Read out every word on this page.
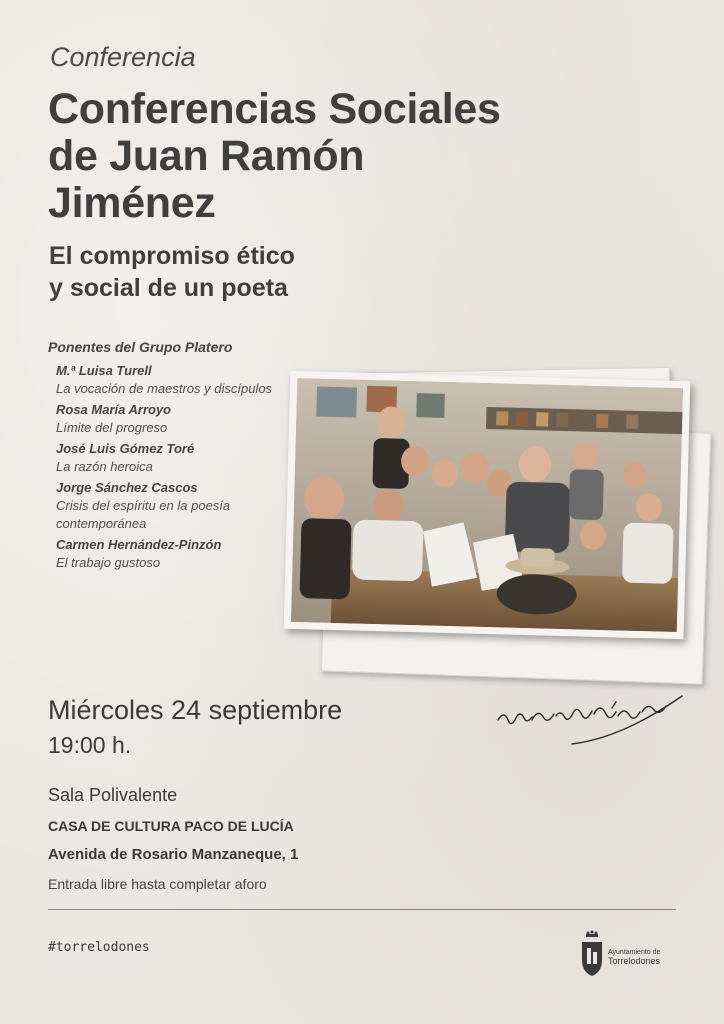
Conferencia
Conferencias Sociales de Juan Ramón Jiménez
El compromiso ético
y social de un poeta
Ponentes del Grupo Platero
M.ª Luisa Turell
La vocación de maestros y discípulos
Rosa María Arroyo
Límite del progreso
José Luis Gómez Toré
La razón heroica
Jorge Sánchez Cascos
Crisis del espíritu en la poesía contemporánea
Carmen Hernández-Pinzón
El trabajo gustoso
Miércoles 24 septiembre
19:00 h.
Sala Polivalente
CASA DE CULTURA PACO DE LUCÍA
Avenida de Rosario Manzaneque, 1
Entrada libre hasta completar aforo
#torrelodones	Ayuntamiento de
Torrelodones
